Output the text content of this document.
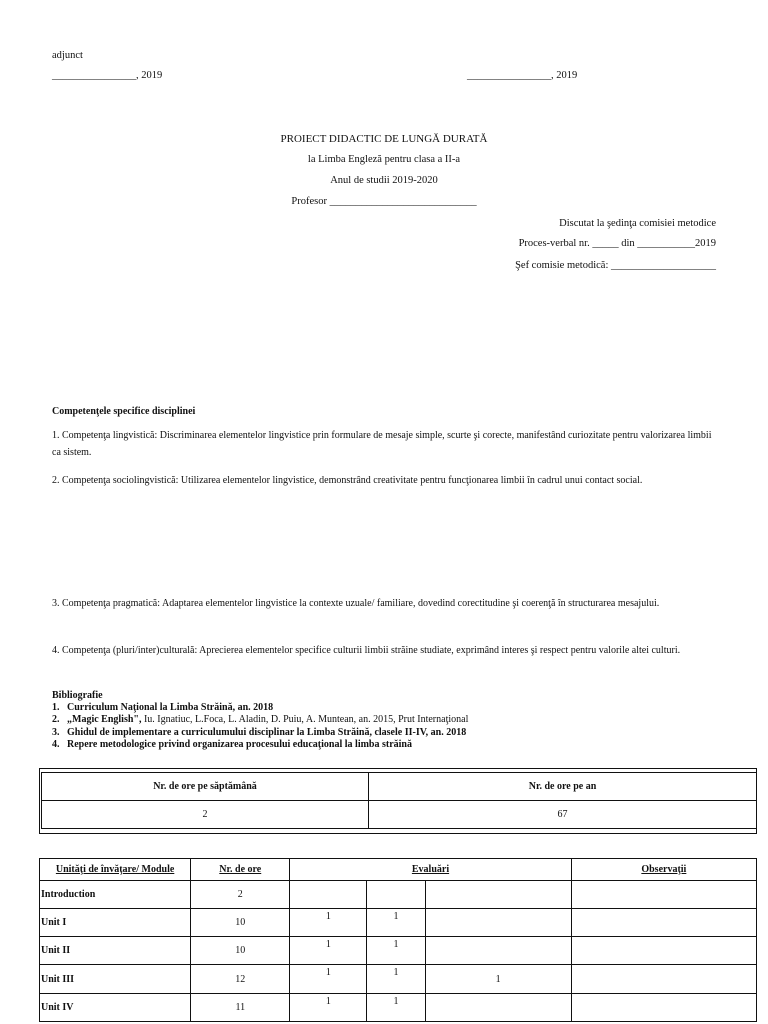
adjunct
________________, 2019	________________, 2019
PROIECT DIDACTIC DE LUNGĂ DURATĂ
la Limba Engleză pentru clasa a II-a
Anul de studii 2019-2020
Profesor ____________________________
Discutat la şedinţa comisiei metodice
Proces-verbal nr. _____ din ___________2019
Şef comisie metodică: ____________________
Competenţele specifice disciplinei
1. Competenţa lingvistică: Discriminarea elementelor lingvistice prin formulare de mesaje simple, scurte şi corecte, manifestând curiozitate pentru valorizarea limbii ca sistem.
2. Competenţa sociolingvistică: Utilizarea elementelor lingvistice, demonstrând creativitate pentru funcţionarea limbii în cadrul unui contact social.
3. Competenţa pragmatică: Adaptarea elementelor lingvistice la contexte uzuale/ familiare, dovedind corectitudine şi coerenţă în structurarea mesajului.
4. Competenţa (pluri/inter)culturală: Aprecierea elementelor specifice culturii limbii străine studiate, exprimând interes şi respect pentru valorile altei culturi.
Bibliografie
1. Curriculum Naţional la Limba Străină, an. 2018
2. „Magic English", Iu. Ignatiuc, L.Foca, L. Aladin, D. Puiu, A. Muntean, an. 2015, Prut Internaţional
3. Ghidul de implementare a curriculumului disciplinar la Limba Străină, clasele II-IV, an. 2018
4. Repere metodologice privind organizarea procesului educaţional la limba străină
Nr. de ore pe săptămână	Nr. de ore pe an
2	67
Unităţi de învăţare/ Module	Nr. de ore	Evaluări			Observaţii
Introduction	2				
Unit I	10	1	1		
Unit II	10	1	1		
Unit III	12	1	1	1	
Unit IV	11	1	1		
